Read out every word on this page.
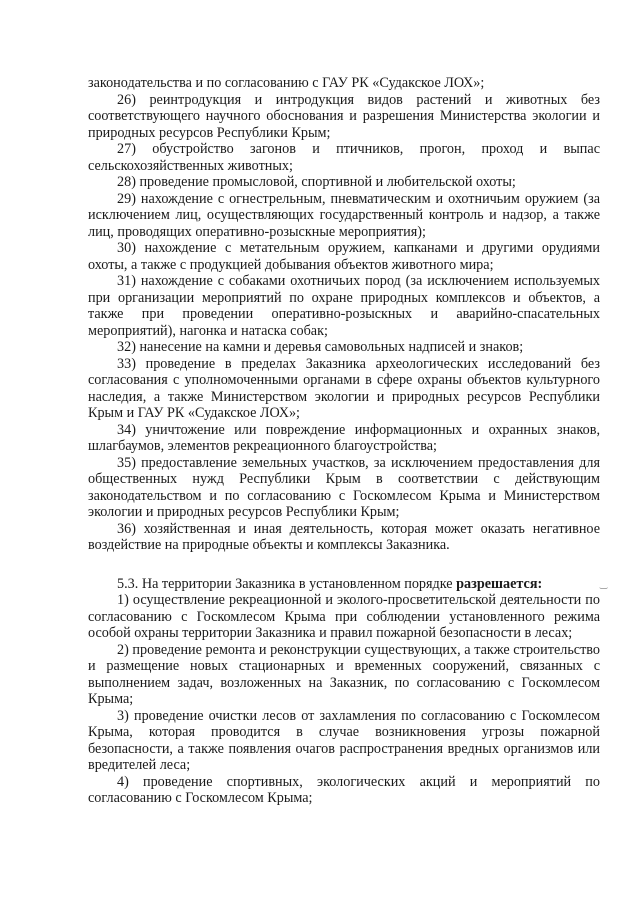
законодательства и по согласованию с ГАУ РК «Судакское ЛОХ»;

26) реинтродукция и интродукция видов растений и животных без соответствующего научного обоснования и разрешения Министерства экологии и природных ресурсов Республики Крым;

27) обустройство загонов и птичников, прогон, проход и выпас сельскохозяйственных животных;

28) проведение промысловой, спортивной и любительской охоты;

29) нахождение с огнестрельным, пневматическим и охотничьим оружием (за исключением лиц, осуществляющих государственный контроль и надзор, а также лиц, проводящих оперативно-розыскные мероприятия);

30) нахождение с метательным оружием, капканами и другими орудиями охоты, а также с продукцией добывания объектов животного мира;

31) нахождение с собаками охотничьих пород (за исключением используемых при организации мероприятий по охране природных комплексов и объектов, а также при проведении оперативно-розыскных и аварийно-спасательных мероприятий), нагонка и натаска собак;

32) нанесение на камни и деревья самовольных надписей и знаков;

33) проведение в пределах Заказника археологических исследований без согласования с уполномоченными органами в сфере охраны объектов культурного наследия, а также Министерством экологии и природных ресурсов Республики Крым и ГАУ РК «Судакское ЛОХ»;

34) уничтожение или повреждение информационных и охранных знаков, шлагбаумов, элементов рекреационного благоустройства;

35) предоставление земельных участков, за исключением предоставления для общественных нужд Республики Крым в соответствии с действующим законодательством и по согласованию с Госкомлесом Крыма и Министерством экологии и природных ресурсов Республики Крым;

36) хозяйственная и иная деятельность, которая может оказать негативное воздействие на природные объекты и комплексы Заказника.

5.3. На территории Заказника в установленном порядке разрешается:

1) осуществление рекреационной и эколого-просветительской деятельности по согласованию с Госкомлесом Крыма при соблюдении установленного режима особой охраны территории Заказника и правил пожарной безопасности в лесах;

2) проведение ремонта и реконструкции существующих, а также строительство и размещение новых стационарных и временных сооружений, связанных с выполнением задач, возложенных на Заказник, по согласованию с Госкомлесом Крыма;

3) проведение очистки лесов от захламления по согласованию с Госкомлесом Крыма, которая проводится в случае возникновения угрозы пожарной безопасности, а также появления очагов распространения вредных организмов или вредителей леса;

4) проведение спортивных, экологических акций и мероприятий по согласованию с Госкомлесом Крыма;

‿
